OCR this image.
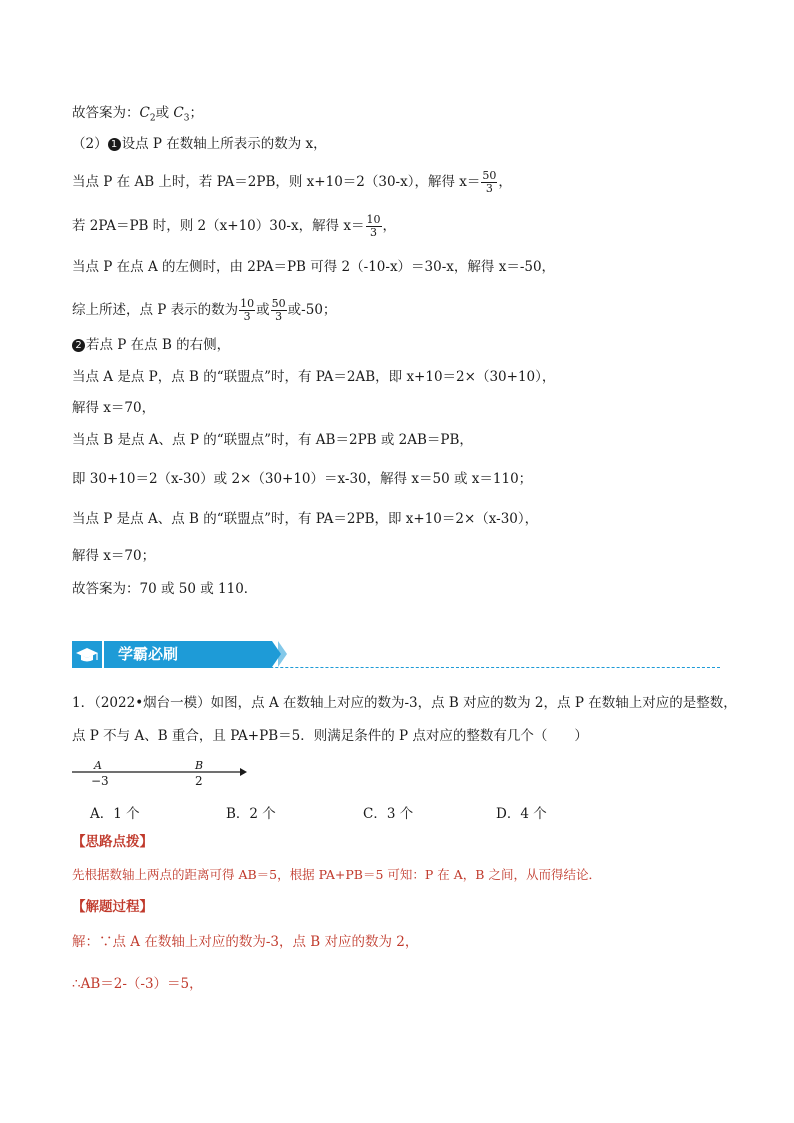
故答案为：$C_2$或 $C_3$；
（2） 1 设点 P 在数轴上所表示的数为 x，
当点 P 在 AB 上时，若 PA＝2PB，则 x+10＝2（30-x），解得 $x= \frac{50}{3}$ ，
若 2PA＝PB 时，则 2（x+10）30-x，解得 $x= \frac{10}{3}$ ，
当点 P 在点 A 的左侧时，由 2PA＝PB 可得 2（-10-x）＝30-x，解得 x＝-50，
综上所述，点 P 表示的数为 $\frac{10}{3}$ 或 $\frac{50}{3}$ 或-50；
2 若点 P 在点 B 的右侧，
当点 A 是点 P，点 B 的“联盟点”时，有 PA＝2AB，即 x+10＝2×（30+10），
解得 x＝70，
当点 B 是点 A、点 P 的“联盟点”时，有 AB＝2PB 或 2AB＝PB，
即 30+10＝2（x-30）或 2×（30+10）＝x-30，解得 x＝50 或 x＝110；
当点 P 是点 A、点 B 的“联盟点”时，有 PA＝2PB，即 x+10＝2×（x-30），
解得 x＝70；
故答案为：70 或 50 或 110．
学霸必刷
1．（2022•烟台一模）如图，点 A 在数轴上对应的数为-3，点 B 对应的数为 2，点 P 在数轴上对应的是整数，
点 P 不与 A、B 重合，且 PA+PB＝5．则满足条件的 P 点对应的整数有几个（　　）
A	B
−3	2
A．1 个	B．2 个	C．3 个	D．4 个
【思路点拨】
先根据数轴上两点的距离可得 AB＝5，根据 PA+PB＝5 可知：P 在 A，B 之间，从而得结论．
【解题过程】
解：∵点 A 在数轴上对应的数为-3，点 B 对应的数为 2，
∴AB＝2-（-3）＝5，
